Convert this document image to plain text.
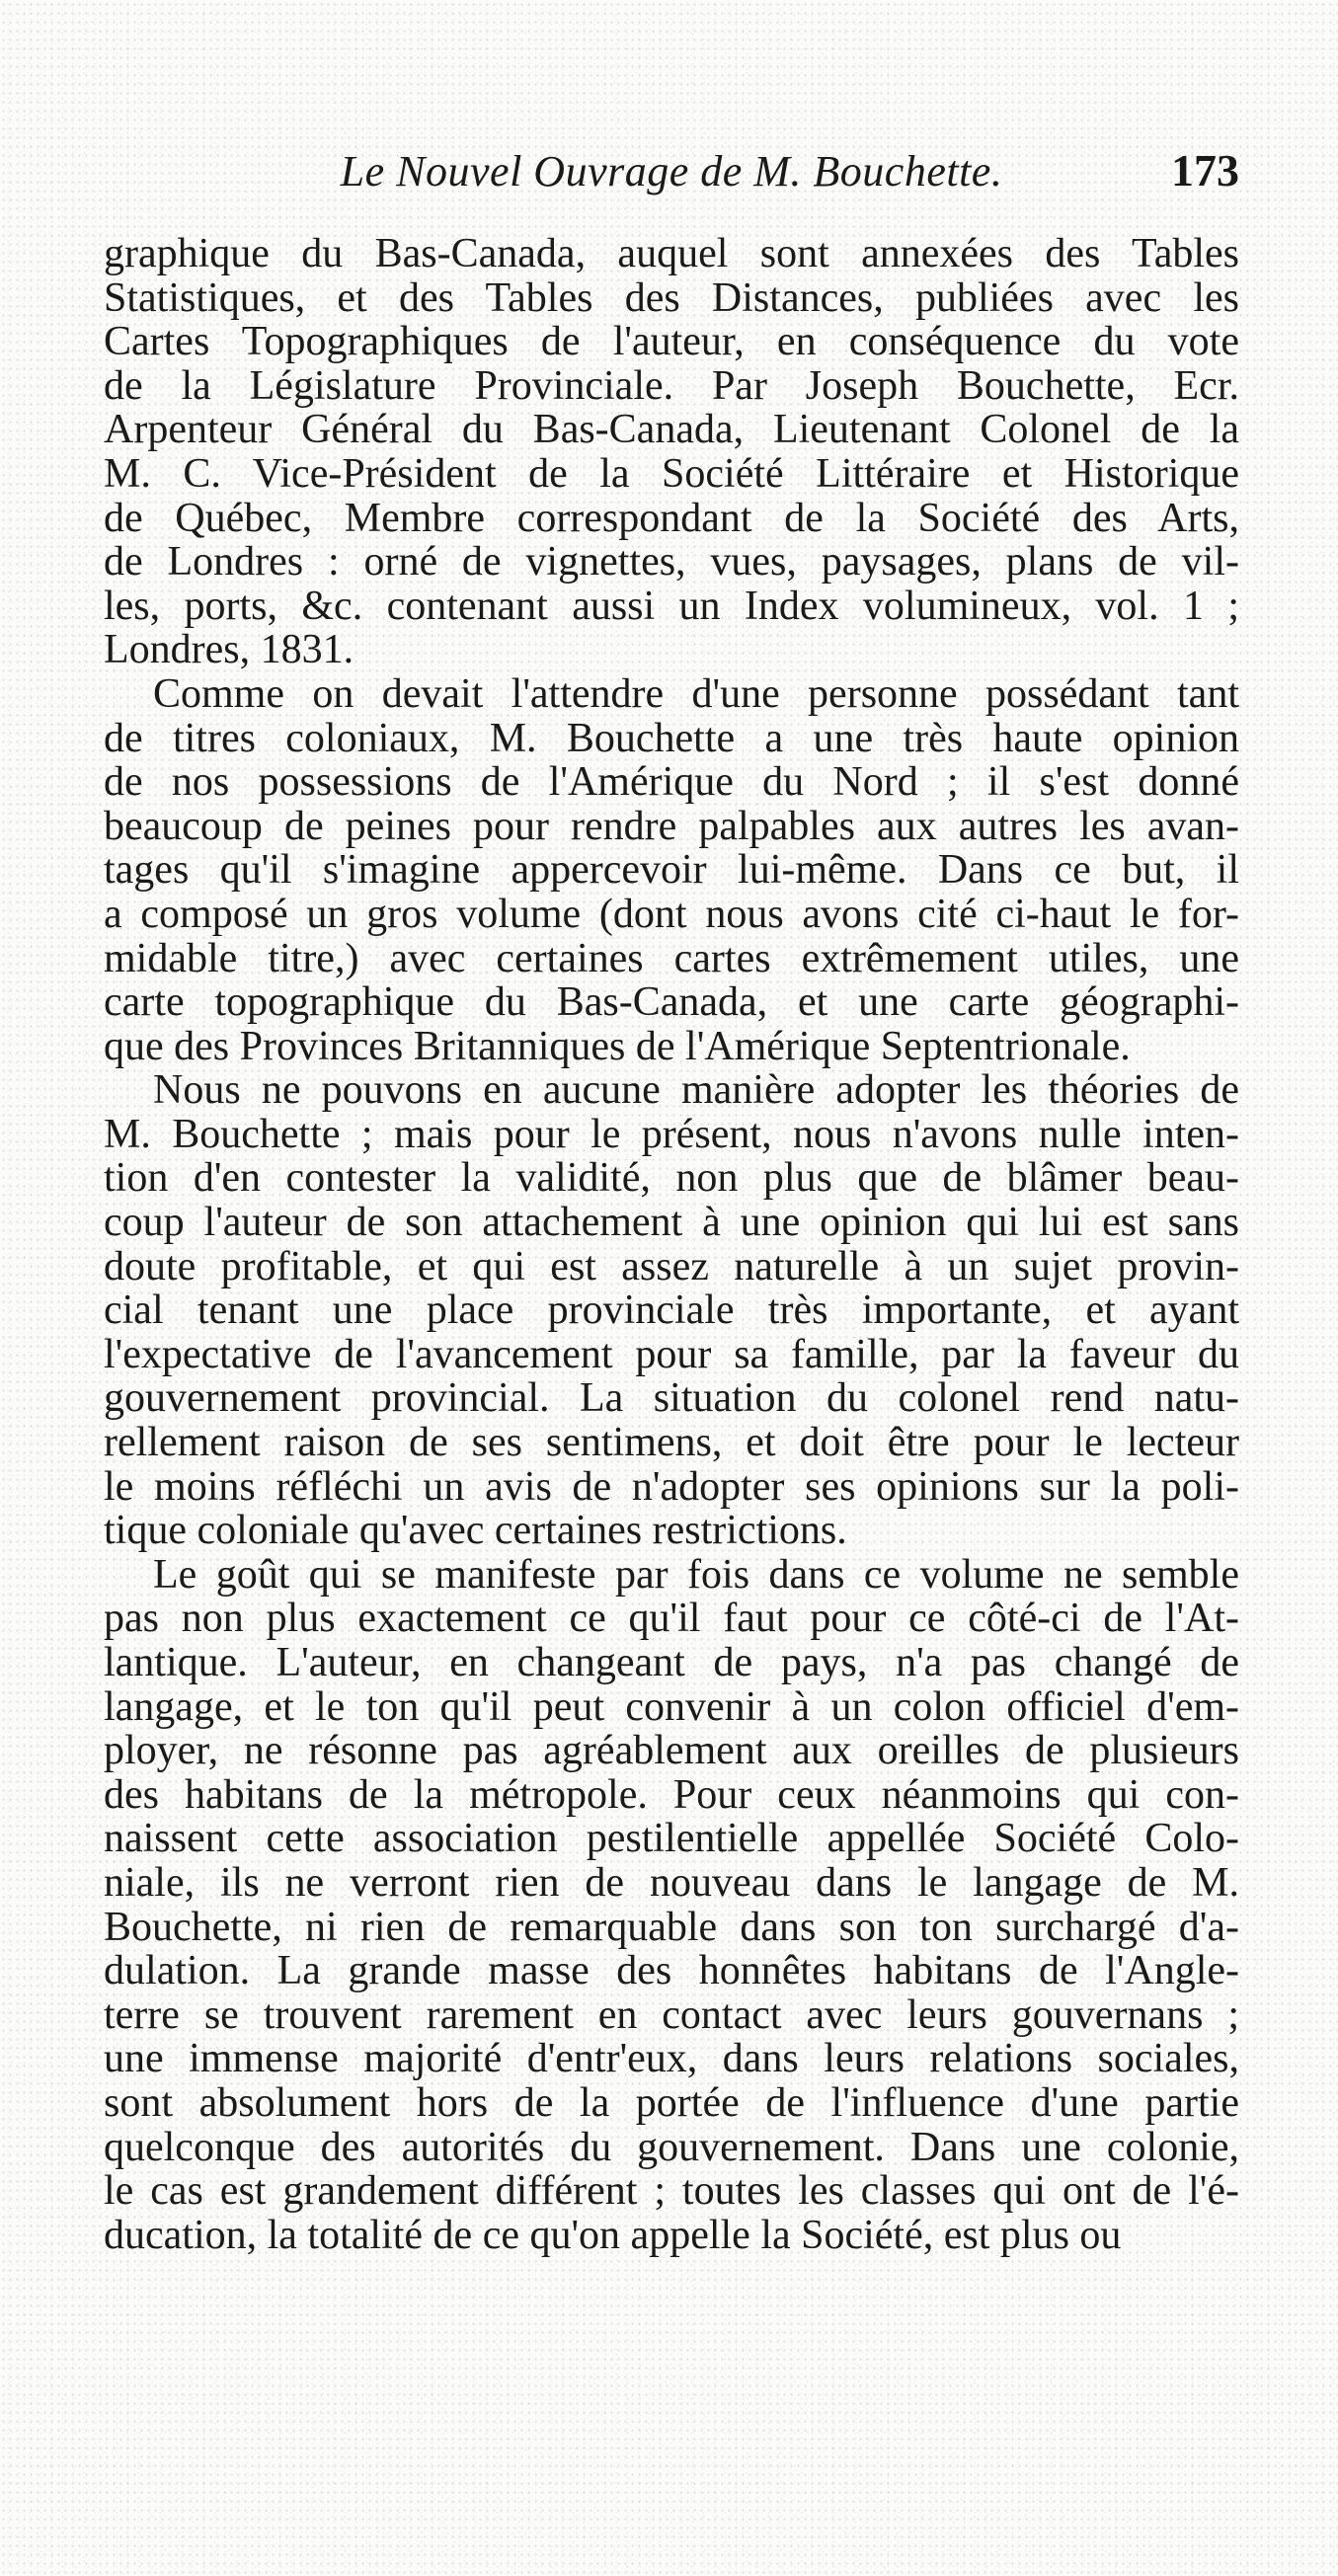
Le Nouvel Ouvrage de M. Bouchette.	173
graphique du Bas-Canada, auquel sont annexées des Tables
Statistiques, et des Tables des Distances, publiées avec les
Cartes Topographiques de l'auteur, en conséquence du vote
de la Législature Provinciale. Par Joseph Bouchette, Ecr.
Arpenteur Général du Bas-Canada, Lieutenant Colonel de la
M. C. Vice-Président de la Société Littéraire et Historique
de Québec, Membre correspondant de la Société des Arts,
de Londres : orné de vignettes, vues, paysages, plans de vil-
les, ports, &c. contenant aussi un Index volumineux, vol. 1 ;
Londres, 1831.
Comme on devait l'attendre d'une personne possédant tant
de titres coloniaux, M. Bouchette a une très haute opinion
de nos possessions de l'Amérique du Nord ; il s'est donné
beaucoup de peines pour rendre palpables aux autres les avan-
tages qu'il s'imagine appercevoir lui-même. Dans ce but, il
a composé un gros volume (dont nous avons cité ci-haut le for-
midable titre,) avec certaines cartes extrêmement utiles, une
carte topographique du Bas-Canada, et une carte géographi-
que des Provinces Britanniques de l'Amérique Septentrionale.
Nous ne pouvons en aucune manière adopter les théories de
M. Bouchette ; mais pour le présent, nous n'avons nulle inten-
tion d'en contester la validité, non plus que de blâmer beau-
coup l'auteur de son attachement à une opinion qui lui est sans
doute profitable, et qui est assez naturelle à un sujet provin-
cial tenant une place provinciale très importante, et ayant
l'expectative de l'avancement pour sa famille, par la faveur du
gouvernement provincial. La situation du colonel rend natu-
rellement raison de ses sentimens, et doit être pour le lecteur
le moins réfléchi un avis de n'adopter ses opinions sur la poli-
tique coloniale qu'avec certaines restrictions.
Le goût qui se manifeste par fois dans ce volume ne semble
pas non plus exactement ce qu'il faut pour ce côté-ci de l'At-
lantique. L'auteur, en changeant de pays, n'a pas changé de
langage, et le ton qu'il peut convenir à un colon officiel d'em-
ployer, ne résonne pas agréablement aux oreilles de plusieurs
des habitans de la métropole. Pour ceux néanmoins qui con-
naissent cette association pestilentielle appellée Société Colo-
niale, ils ne verront rien de nouveau dans le langage de M.
Bouchette, ni rien de remarquable dans son ton surchargé d'a-
dulation. La grande masse des honnêtes habitans de l'Angle-
terre se trouvent rarement en contact avec leurs gouvernans ;
une immense majorité d'entr'eux, dans leurs relations sociales,
sont absolument hors de la portée de l'influence d'une partie
quelconque des autorités du gouvernement. Dans une colonie,
le cas est grandement différent ; toutes les classes qui ont de l'é-
ducation, la totalité de ce qu'on appelle la Société, est plus ou
